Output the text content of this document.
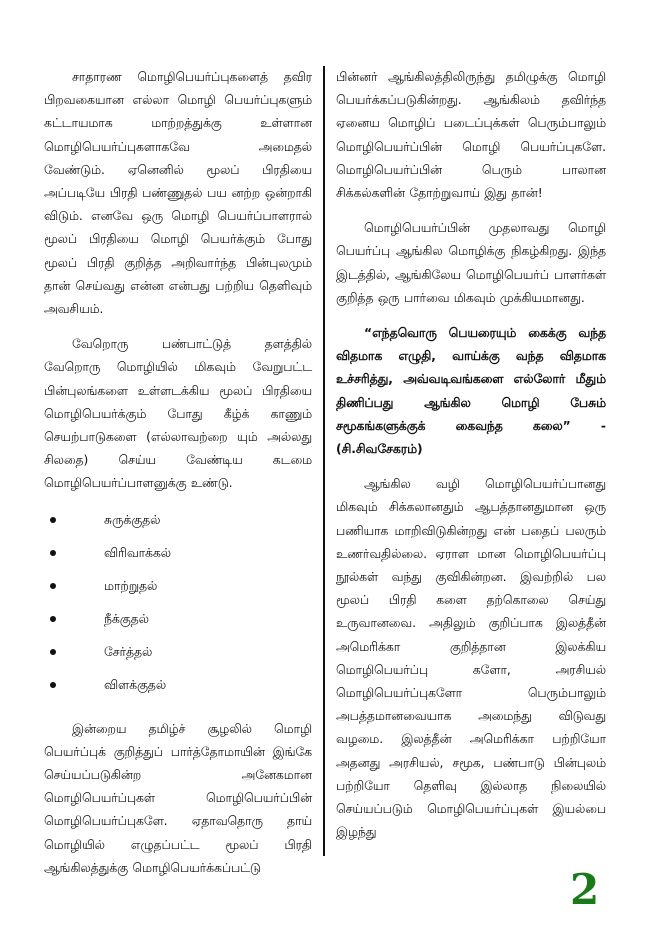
சாதாரண மொழிபெயர்ப்புகளைத் தவிர பிறவகையான எல்லா மொழி பெயர்ப்புகளும் கட்டாயமாக மாற்றத்துக்கு உள்ளான மொழிபெயர்ப்புகளாகவே அமைதல் வேண்டும். ஏனெனில் மூலப் பிரதியை அப்படியே பிரதி பண்ணுதல் பய னற்ற ஒன்றாகி விடும். எனவே ஒரு மொழி பெயர்ப்பாளரால் மூலப் பிரதியை மொழி பெயர்க்கும் போது மூலப் பிரதி குறித்த அறிவார்ந்த பின்புலமும் தான் செய்வது என்ன என்பது பற்றிய தெளிவும் அவசியம்.

வேறொரு பண்பாட்டுத் தளத்தில் வேறொரு மொழியில் மிகவும் வேறுபட்ட பின்புலங்களை உள்ளடக்கிய மூலப் பிரதியை மொழிபெயர்க்கும் போது கீழ்க் காணும் செயற்பாடுகளை (எல்லாவற்றை யும் அல்லது சிலதை) செய்ய வேண்டிய கடமை மொழிபெயர்ப்பாளனுக்கு உண்டு.

சுருக்குதல்
விரிவாக்கல்
மாற்றுதல்
நீக்குதல்
சேர்த்தல்
விளக்குதல்

இன்றைய தமிழ்ச் சூழலில் மொழி பெயர்ப்புக் குறித்துப் பார்த்தோமாயின் இங்கே செய்யப்படுகின்ற அனேகமான மொழிபெயர்ப்புகள் மொழிபெயர்ப்பின் மொழிபெயர்ப்புகளே. ஏதாவதொரு தாய் மொழியில் எழுதப்பட்ட மூலப் பிரதி ஆங்கிலத்துக்கு மொழிபெயர்க்கப்பட்டு

பின்னர் ஆங்கிலத்திலிருந்து தமிழுக்கு மொழி பெயர்க்கப்படுகின்றது. ஆங்கிலம் தவிர்ந்த ஏனைய மொழிப் படைப்புக்கள் பெரும்பாலும் மொழிபெயர்ப்பின் மொழி பெயர்ப்புகளே. மொழிபெயர்ப்பின் பெரும் பாலான சிக்கல்களின் தோற்றுவாய் இது தான்!

மொழிபெயர்ப்பின் முதலாவது மொழி பெயர்ப்பு ஆங்கில மொழிக்கு நிகழ்கிறது. இந்த இடத்தில், ஆங்கிலேய மொழிபெயர்ப் பாளர்கள் குறித்த ஒரு பார்வை மிகவும் முக்கியமானது.

“எந்தவொரு பெயரையும் கைக்கு வந்த விதமாக எழுதி, வாய்க்கு வந்த விதமாக உச்சரித்து, அவ்வடிவங்களை எல்லோர் மீதும் திணிப்பது ஆங்கில மொழி பேசும் சமூகங்களுக்குக் கைவந்த கலை” - (சி.சிவசேகரம்)

ஆங்கில வழி மொழிபெயர்ப்பானது மிகவும் சிக்கலானதும் ஆபத்தானதுமான ஒரு பணியாக மாறிவிடுகின்றது என் பதைப் பலரும் உணர்வதில்லை. ஏராள மான மொழிபெயர்ப்பு நூல்கள் வந்து குவிகின்றன. இவற்றில் பல மூலப் பிரதி களை தற்கொலை செய்து உருவானவை. அதிலும் குறிப்பாக இலத்தீன் அமெரிக்கா குறித்தான இலக்கிய மொழிபெயர்ப்பு களோ, அரசியல் மொழிபெயர்ப்புகளோ பெரும்பாலும் அபத்தமானவையாக அமைந்து விடுவது வழமை. இலத்தீன் அமெரிக்கா பற்றியோ அதனது அரசியல், சமூக, பண்பாடு பின்புலம் பற்றியோ தெளிவு இல்லாத நிலையில் செய்யப்படும் மொழிபெயர்ப்புகள் இயல்பை இழந்து

2
